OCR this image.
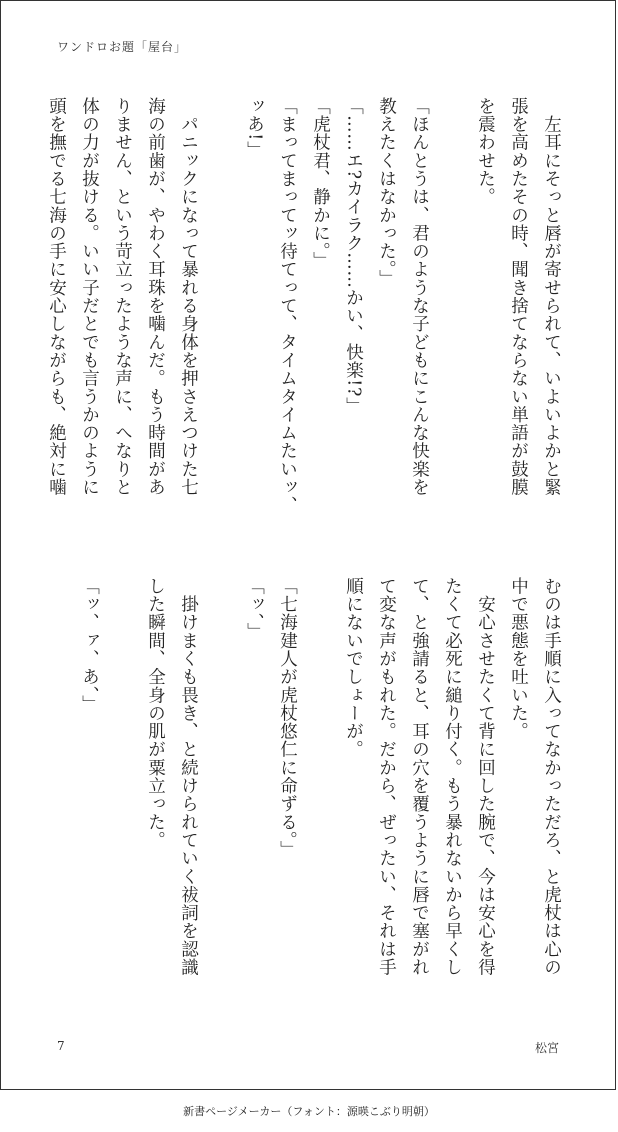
ワンドロお題「屋台」
　左耳にそっと唇が寄せられて、いよいよかと緊
張を高めたその時、聞き捨てならない単語が鼓膜
を震わせた。
「ほんとうは、君のような子どもにこんな快楽を
教えたくはなかった。」
「……エ?カイラク……かい、快楽!?」
「虎杖君、静かに。」
「まってまってッ待てって、タイムタイムたいッ、
ッあ!」
　パニックになって暴れる身体を押さえつけた七
海の前歯が、やわく耳珠を噛んだ。もう時間があ
りません、という苛立ったような声に、へなりと
体の力が抜ける。いい子だとでも言うかのように
頭を撫でる七海の手に安心しながらも、絶対に噛
むのは手順に入ってなかっただろ、と虎杖は心の
中で悪態を吐いた。
　安心させたくて背に回した腕で、今は安心を得
たくて必死に縋り付く。もう暴れないから早くし
て、と強請ると、耳の穴を覆うように唇で塞がれ
て変な声がもれた。だから、ぜったい、それは手
順にないでしょーが。
「七海建人が虎杖悠仁に命ずる。」
「ッ、」
　掛けまくも畏き、と続けられていく祓詞を認識
した瞬間、全身の肌が粟立った。
「ッ、ァ、あ、」
7	松宮
新書ページメーカー（フォント：源暎こぶり明朝）
